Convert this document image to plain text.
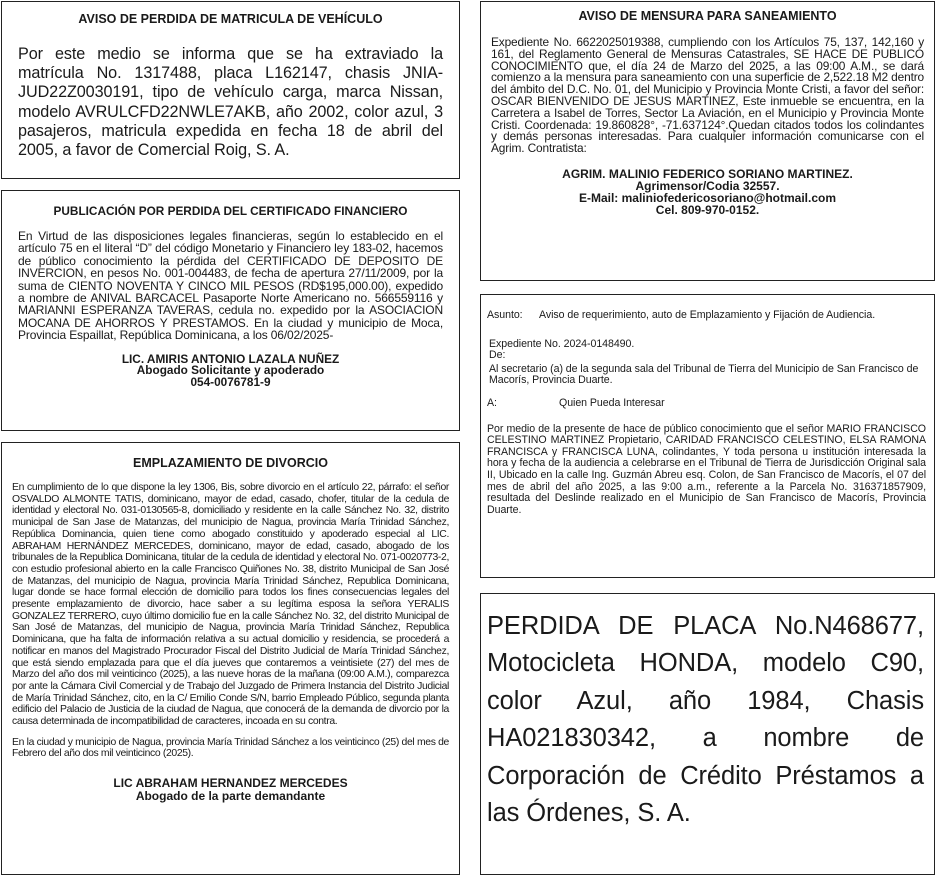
AVISO DE PERDIDA DE MATRICULA DE VEHÍCULO

Por este medio se informa que se ha extraviado la matrícula No. 1317488, placa L162147, chasis JNIA-JUD22Z0030191, tipo de vehículo carga, marca Nissan, modelo AVRULCFD22NWLE7AKB, año 2002, color azul, 3 pasajeros, matricula expedida en fecha 18 de abril del 2005, a favor de Comercial Roig, S. A.

PUBLICACIÓN POR PERDIDA DEL CERTIFICADO FINANCIERO

En Virtud de las disposiciones legales financieras, según lo establecido en el artículo 75 en el literal “D” del código Monetario y Financiero ley 183-02, hacemos de público conocimiento la pérdida del CERTIFICADO DE DEPOSITO DE INVERCION, en pesos No. 001-004483, de fecha de apertura 27/11/2009, por la suma de CIENTO NOVENTA Y CINCO MIL PESOS (RD$195,000.00), expedido a nombre de ANIVAL BARCACEL Pasaporte Norte Americano no. 566559116 y MARIANNI ESPERANZA TAVERAS, cedula no. expedido por la ASOCIACION MOCANA DE AHORROS Y PRESTAMOS. En la ciudad y municipio de Moca, Provincia Espaillat, República Dominicana, a los 06/02/2025-

LIC. AMIRIS ANTONIO LAZALA NUÑEZ
Abogado Solicitante y apoderado
054-0076781-9
EMPLAZAMIENTO DE DIVORCIO

En cumplimiento de lo que dispone la ley 1306, Bis, sobre divorcio en el artículo 22, párrafo: el señor OSVALDO ALMONTE TATIS, dominicano, mayor de edad, casado, chofer, titular de la cedula de identidad y electoral No. 031-0130565-8, domiciliado y residente en la calle Sánchez No. 32, distrito municipal de San Jase de Matanzas, del municipio de Nagua, provincia María Trinidad Sánchez, República Dominancia, quien tiene como abogado constituido y apoderado especial al LIC. ABRAHAM HERNÁNDEZ MERCEDES, dominicano, mayor de edad, casado, abogado de los tribunales de la Republica Dominicana, titular de la cedula de identidad y electoral No. 071-0020773-2, con estudio profesional abierto en la calle Francisco Quiñones No. 38, distrito Municipal de San José de Matanzas, del municipio de Nagua, provincia María Trinidad Sánchez, Republica Dominicana, lugar donde se hace formal elección de domicilio para todos los fines consecuencias legales del presente emplazamiento de divorcio, hace saber a su legítima esposa la señora YERALIS GONZALEZ TERRERO, cuyo último domicilio fue en la calle Sánchez No. 32, del distrito Municipal de San José de Matanzas, del municipio de Nagua, provincia María Trinidad Sánchez, Republica Dominicana, que ha falta de información relativa a su actual domicilio y residencia, se procederá a notificar en manos del Magistrado Procurador Fiscal del Distrito Judicial de María Trinidad Sánchez, que está siendo emplazada para que el día jueves que contaremos a veintisiete (27) del mes de Marzo del año dos mil veinticinco (2025), a las nueve horas de la mañana (09:00 A.M.), comparezca por ante la Cámara Civil Comercial y de Trabajo del Juzgado de Primera Instancia del Distrito Judicial de María Trinidad Sánchez, cito, en la C/ Emilio Conde S/N, barrio Empleado Público, segunda planta edificio del Palacio de Justicia de la ciudad de Nagua, que conocerá de la demanda de divorcio por la causa determinada de incompatibilidad de caracteres, incoada en su contra.

En la ciudad y municipio de Nagua, provincia María Trinidad Sánchez a los veinticinco (25) del mes de Febrero del año dos mil veinticinco (2025).

LIC ABRAHAM HERNANDEZ MERCEDES
Abogado de la parte demandante
AVISO DE MENSURA PARA SANEAMIENTO

Expediente No. 6622025019388, cumpliendo con los Artículos 75, 137, 142,160 y 161, del Reglamento General de Mensuras Catastrales, SE HACE DE PUBLICO CONOCIMIENTO que, el día 24 de Marzo del 2025, a las 09:00 A.M., se dará comienzo a la mensura para saneamiento con una superficie de 2,522.18 M2 dentro del ámbito del D.C. No. 01, del Municipio y Provincia Monte Cristi, a favor del señor: OSCAR BIENVENIDO DE JESUS MARTINEZ, Este inmueble se encuentra, en la Carretera a Isabel de Torres, Sector La Aviación, en el Municipio y Provincia Monte Cristi. Coordenada: 19.860828°, -71.637124°.Quedan citados todos los colindantes y demás personas interesadas. Para cualquier información comunicarse con el Agrim. Contratista:

AGRIM. MALINIO FEDERICO SORIANO MARTINEZ.
Agrimensor/Codia 32557.
E-Mail: maliniofedericosoriano@hotmail.com
Cel. 809-970-0152.
Asunto:	Aviso de requerimiento, auto de Emplazamiento y Fijación de Audiencia.
Expediente No. 2024-0148490.
De:
Al secretario (a) de la segunda sala del Tribunal de Tierra del Municipio de San Francisco de Macorís, Provincia Duarte.
A:	Quien Pueda Interesar

Por medio de la presente de hace de público conocimiento que el señor MARIO FRANCISCO CELESTINO MARTINEZ Propietario, CARIDAD FRANCISCO CELESTINO, ELSA RAMONA FRANCISCA y FRANCISCA LUNA, colindantes, Y toda persona u institución interesada la hora y fecha de la audiencia a celebrarse en el Tribunal de Tierra de Jurisdicción Original sala II, Ubicado en la calle Ing. Guzmán Abreu esq. Colon, de San Francisco de Macorís, el 07 del mes de abril del año 2025, a las 9:00 a.m., referente a la Parcela No. 316371857909, resultada del Deslinde realizado en el Municipio de San Francisco de Macorís, Provincia Duarte.

PERDIDA DE PLACA No.N468677, Motocicleta HONDA, modelo C90, color Azul, año 1984, Chasis HA021830342, a nombre de Corporación de Crédito Préstamos a las Órdenes, S. A.
